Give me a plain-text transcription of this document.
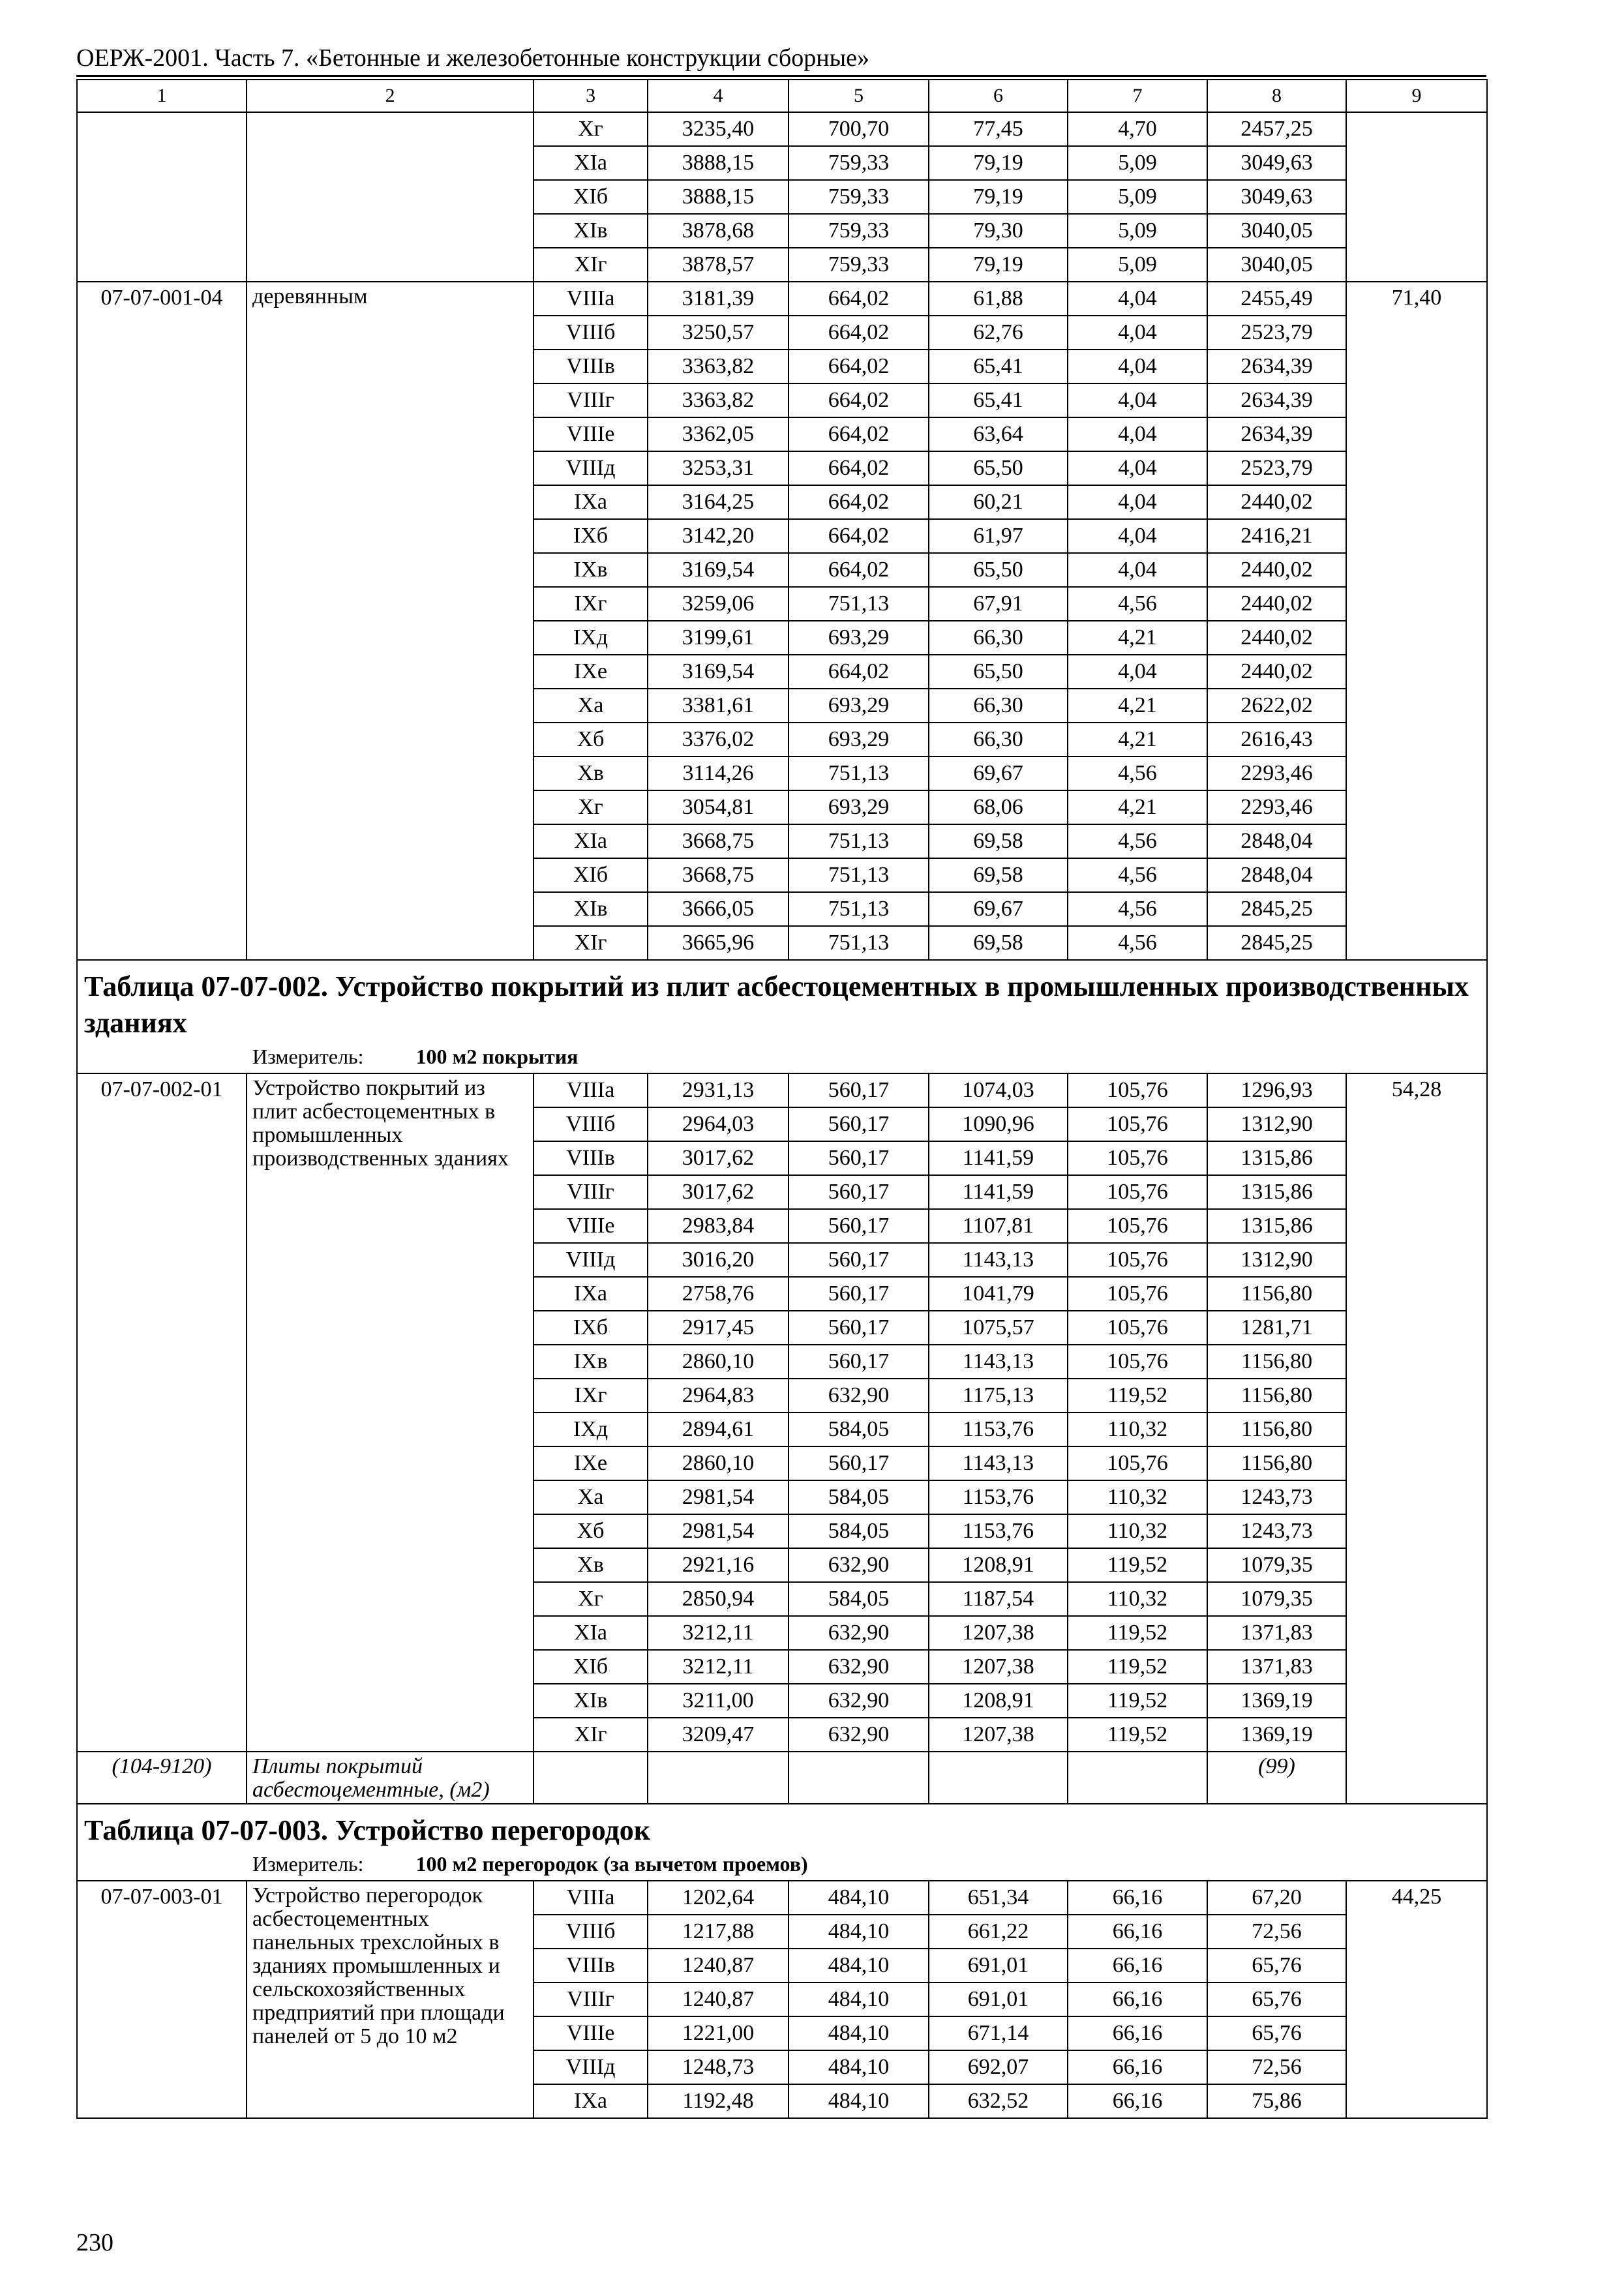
ОЕРЖ-2001. Часть 7. «Бетонные и железобетонные конструкции сборные»
1	2	3	4	5	6	7	8	9
		Хг	3235,40	700,70	77,45	4,70	2457,25	
		ХIа	3888,15	759,33	79,19	5,09	3049,63	
		ХIб	3888,15	759,33	79,19	5,09	3049,63	
		ХIв	3878,68	759,33	79,30	5,09	3040,05	
		ХIг	3878,57	759,33	79,19	5,09	3040,05	
07-07-001-04	деревянным	VIIIа	3181,39	664,02	61,88	4,04	2455,49	71,40
		VIIIб	3250,57	664,02	62,76	4,04	2523,79	
		VIIIв	3363,82	664,02	65,41	4,04	2634,39	
		VIIIг	3363,82	664,02	65,41	4,04	2634,39	
		VIIIе	3362,05	664,02	63,64	4,04	2634,39	
		VIIIд	3253,31	664,02	65,50	4,04	2523,79	
		IХа	3164,25	664,02	60,21	4,04	2440,02	
		IХб	3142,20	664,02	61,97	4,04	2416,21	
		IХв	3169,54	664,02	65,50	4,04	2440,02	
		IХг	3259,06	751,13	67,91	4,56	2440,02	
		IХд	3199,61	693,29	66,30	4,21	2440,02	
		IХе	3169,54	664,02	65,50	4,04	2440,02	
		Ха	3381,61	693,29	66,30	4,21	2622,02	
		Хб	3376,02	693,29	66,30	4,21	2616,43	
		Хв	3114,26	751,13	69,67	4,56	2293,46	
		Хг	3054,81	693,29	68,06	4,21	2293,46	
		ХIа	3668,75	751,13	69,58	4,56	2848,04	
		ХIб	3668,75	751,13	69,58	4,56	2848,04	
		ХIв	3666,05	751,13	69,67	4,56	2845,25	
		ХIг	3665,96	751,13	69,58	4,56	2845,25	

Таблица 07-07-002. Устройство покрытий из плит асбестоцементных в промышленных производственных зданиях
Измеритель: 100 м2 покрытия								

07-07-002-01	Устройство покрытий из плит асбестоцементных в промышленных производственных зданиях	VIIIа	2931,13	560,17	1074,03	105,76	1296,93	54,28
		VIIIб	2964,03	560,17	1090,96	105,76	1312,90	
		VIIIв	3017,62	560,17	1141,59	105,76	1315,86	
		VIIIг	3017,62	560,17	1141,59	105,76	1315,86	
		VIIIе	2983,84	560,17	1107,81	105,76	1315,86	
		VIIIд	3016,20	560,17	1143,13	105,76	1312,90	
		IХа	2758,76	560,17	1041,79	105,76	1156,80	
		IХб	2917,45	560,17	1075,57	105,76	1281,71	
		IХв	2860,10	560,17	1143,13	105,76	1156,80	
		IХг	2964,83	632,90	1175,13	119,52	1156,80	
		IХд	2894,61	584,05	1153,76	110,32	1156,80	
		IХе	2860,10	560,17	1143,13	105,76	1156,80	
		Ха	2981,54	584,05	1153,76	110,32	1243,73	
		Хб	2981,54	584,05	1153,76	110,32	1243,73	
		Хв	2921,16	632,90	1208,91	119,52	1079,35	
		Хг	2850,94	584,05	1187,54	110,32	1079,35	
		ХIа	3212,11	632,90	1207,38	119,52	1371,83	
		ХIб	3212,11	632,90	1207,38	119,52	1371,83	
		ХIв	3211,00	632,90	1208,91	119,52	1369,19	
		ХIг	3209,47	632,90	1207,38	119,52	1369,19	
(104-9120)	Плиты покрытий асбестоцементные, (м2)						(99)	

Таблица 07-07-003. Устройство перегородок
Измеритель: 100 м2 перегородок (за вычетом проемов)								

07-07-003-01	Устройство перегородок асбестоцементных панельных трехслойных в зданиях промышленных и сельскохозяйственных предприятий при площади панелей от 5 до 10 м2	VIIIа	1202,64	484,10	651,34	66,16	67,20	44,25
		VIIIб	1217,88	484,10	661,22	66,16	72,56	
		VIIIв	1240,87	484,10	691,01	66,16	65,76	
		VIIIг	1240,87	484,10	691,01	66,16	65,76	
		VIIIе	1221,00	484,10	671,14	66,16	65,76	
		VIIIд	1248,73	484,10	692,07	66,16	72,56	
		IХа	1192,48	484,10	632,52	66,16	75,86	
230
